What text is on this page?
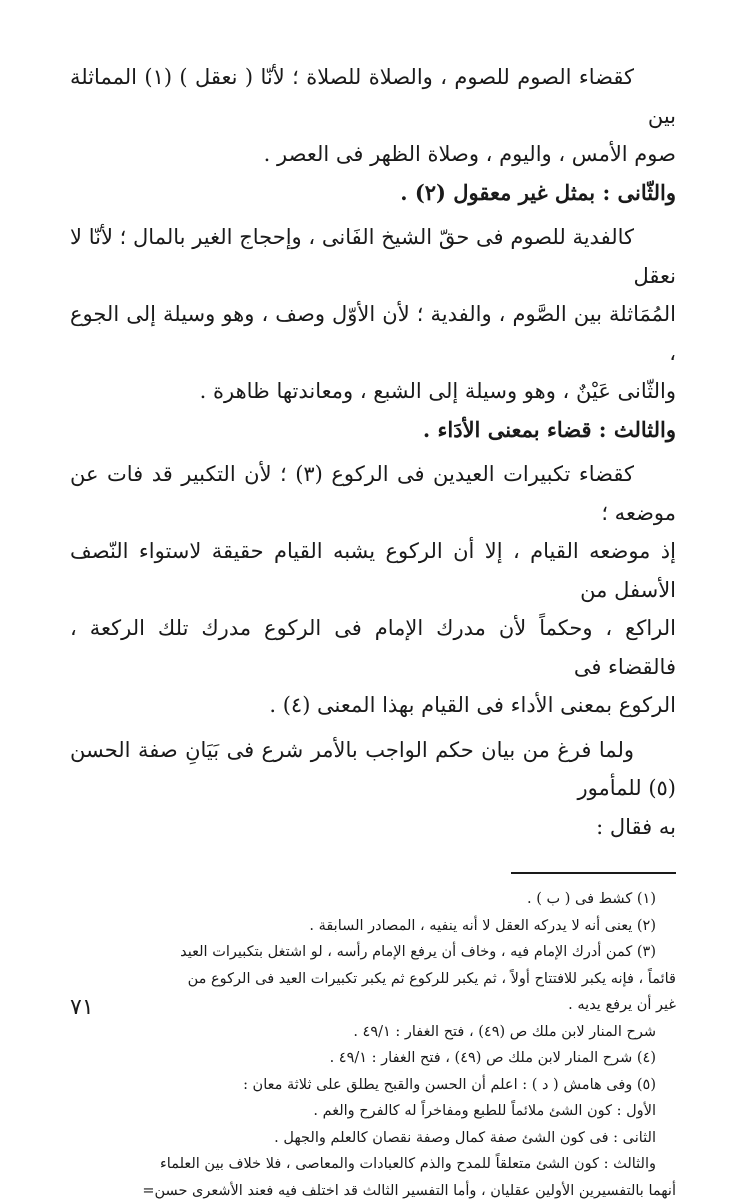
كقضاء الصوم للصوم ، والصلاة للصلاة ؛ لأنّا ( نعقل ) (١) المماثلة بين
صوم الأمس ، واليوم ، وصلاة الظهر فى العصر .

والثّانى : بمثل غير معقول (٢) .

كالفدية للصوم فى حقّ الشيخ الفَانى ، وإحجاج الغير بالمال ؛ لأنّا لا نعقل
المُمَاثلة بين الصَّوم ، والفدية ؛ لأن الأوّل وصف ، وهو وسيلة إلى الجوع ،
والثّانى عَيْنٌ ، وهو وسيلة إلى الشبع ، ومعاندتها ظاهرة .

والثالث : قضاء بمعنى الأدَاء .

كقضاء تكبيرات العيدين فى الركوع (٣) ؛ لأن التكبير قد فات عن موضعه ؛
إذ موضعه القيام ، إلا أن الركوع يشبه القيام حقيقة لاستواء النّصف الأسفل من
الراكع ، وحكماً لأن مدرك الإمام فى الركوع مدرك تلك الركعة ، فالقضاء فى
الركوع بمعنى الأداء فى القيام بهذا المعنى (٤) .

ولما فرغ من بيان حكم الواجب بالأمر شرع فى بَيَانِ صفة الحسن (٥) للمأمور
به فقال :

(١) كشط فى ( ب ) .

(٢) يعنى أنه لا يدركه العقل لا أنه ينفيه ، المصادر السابقة .

(٣) كمن أدرك الإمام فيه ، وخاف أن يرفع الإمام رأسه ، لو اشتغل بتكبيرات العيد
قائماً ، فإنه يكبر للافتتاح أولاً ، ثم يكبر للركوع ثم يكبر تكبيرات العيد فى الركوع من
غير أن يرفع يديه .

شرح المنار لابن ملك ص (٤٩) ، فتح الغفار : ٤٩/١ .

(٤) شرح المنار لابن ملك ص (٤٩) ، فتح الغفار : ٤٩/١ .

(٥) وفى هامش ( د ) : اعلم أن الحسن والقبح يطلق على ثلاثة معان :

الأول : كون الشئ ملائماً للطبع ومفاخراً له كالفرح والغم .

الثانى : فى كون الشئ صفة كمال وصفة نقصان كالعلم والجهل .

والثالث : كون الشئ متعلقاً للمدح والذم كالعبادات والمعاصى ، فلا خلاف بين العلماء
أنهما بالتفسيرين الأولين عقليان ، وأما التفسير الثالث قد اختلف فيه فعند الأشعرى حسن=

٧١
